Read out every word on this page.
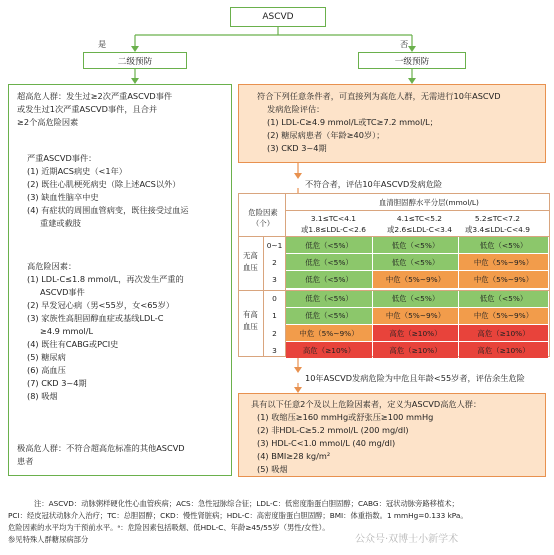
ASCVD
是	否
二级预防	一级预防
超高危人群：发生过≥2次严重ASCVD事件
或发生过1次严重ASCVD事件，且合并
≥2个高危险因素
严重ASCVD事件：
(1) 近期ACS病史（<1年）
(2) 既往心肌梗死病史（除上述ACS以外）
(3) 缺血性脑卒中史
(4) 有症状的周围血管病变，既往接受过血运
重建或截肢
高危险因素：
(1) LDL-C≤1.8 mmol/L，再次发生严重的
ASCVD事件
(2) 早发冠心病（男<55岁，女<65岁）
(3) 家族性高胆固醇血症或基线LDL-C
≥4.9 mmol/L
(4) 既往有CABG或PCI史
(5) 糖尿病
(6) 高血压
(7) CKD 3~4期
(8) 吸烟
极高危人群：不符合超高危标准的其他ASCVD
患者
符合下列任意条件者，可直接列为高危人群，无需进行10年ASCVD
发病危险评估：
(1) LDL-C≥4.9 mmol/L或TC≥7.2 mmol/L；
(2) 糖尿病患者（年龄≥40岁）；
(3) CKD 3~4期
不符合者，评估10年ASCVD发病危险
危险因素
（个）
血清胆固醇水平分层(mmol/L)
3.1≤TC<4.1
或1.8≤LDL-C<2.6
4.1≤TC<5.2
或2.6≤LDL-C<3.4
5.2≤TC<7.2
或3.4≤LDL-C<4.9
无高
血压
有高
血压
0~1	低危（<5%）	低危（<5%）	低危（<5%）
2	低危（<5%）	低危（<5%）	中危（5%~9%）
3	低危（<5%）	中危（5%~9%）	中危（5%~9%）
0	低危（<5%）	低危（<5%）	低危（<5%）
1	低危（<5%）	中危（5%~9%）	中危（5%~9%）
2	中危（5%~9%）	高危（≥10%）	高危（≥10%）
3	高危（≥10%）	高危（≥10%）	高危（≥10%）
10年ASCVD发病危险为中危且年龄<55岁者，评估余生危险
具有以下任意2个及以上危险因素者，定义为ASCVD高危人群：
(1) 收缩压≥160 mmHg或舒张压≥100 mmHg
(2) 非HDL-C≥5.2 mmol/L (200 mg/dl)
(3) HDL-C<1.0 mmol/L (40 mg/dl)
(4) BMI≥28 kg/m²
(5) 吸烟
注：ASCVD：动脉粥样硬化性心血管疾病；ACS：急性冠脉综合征；LDL-C：低密度脂蛋白胆固醇；CABG：冠状动脉旁路移植术；
PCI：经皮冠状动脉介入治疗；TC：总胆固醇；CKD：慢性肾脏病；HDL-C：高密度脂蛋白胆固醇；BMI：体重指数。1 mmHg=0.133 kPa。
危险因素的水平均为干预前水平。ᵃ：危险因素包括吸烟、低HDL-C、年龄≥45/55岁（男性/女性）。
参见特殊人群糖尿病部分	公众号·双博士小新学术
